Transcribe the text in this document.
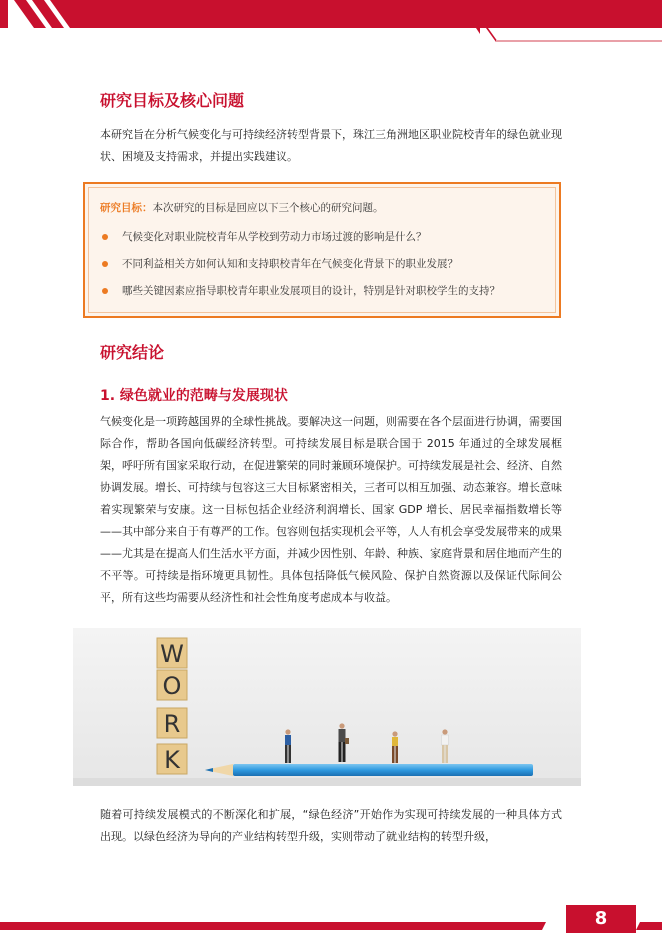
研究目标及核心问题

本研究旨在分析气候变化与可持续经济转型背景下，珠江三角洲地区职业院校青年的绿色就业现状、困境及支持需求，并提出实践建议。

研究目标：本次研究的目标是回应以下三个核心的研究问题。

气候变化对职业院校青年从学校到劳动力市场过渡的影响是什么？
不同利益相关方如何认知和支持职校青年在气候变化背景下的职业发展？
哪些关键因素应指导职校青年职业发展项目的设计，特别是针对职校学生的支持？
研究结论
1. 绿色就业的范畴与发展现状

气候变化是一项跨越国界的全球性挑战。要解决这一问题，则需要在各个层面进行协调，需要国际合作，帮助各国向低碳经济转型。可持续发展目标是联合国于 2015 年通过的全球发展框架，呼吁所有国家采取行动，在促进繁荣的同时兼顾环境保护。可持续发展是社会、经济、自然协调发展。增长、可持续与包容这三大目标紧密相关，三者可以相互加强、动态兼容。增长意味着实现繁荣与安康。这一目标包括企业经济利润增长、国家 GDP 增长、居民幸福指数增长等——其中部分来自于有尊严的工作。包容则包括实现机会平等，人人有机会享受发展带来的成果——尤其是在提高人们生活水平方面，并减少因性别、年龄、种族、家庭背景和居住地而产生的不平等。可持续是指环境更具韧性。具体包括降低气候风险、保护自然资源以及保证代际间公平，所有这些均需要从经济性和社会性角度考虑成本与收益。

W
O
R
K

随着可持续发展模式的不断深化和扩展，“绿色经济”开始作为实现可持续发展的一种具体方式出现。以绿色经济为导向的产业结构转型升级，实则带动了就业结构的转型升级，

8
